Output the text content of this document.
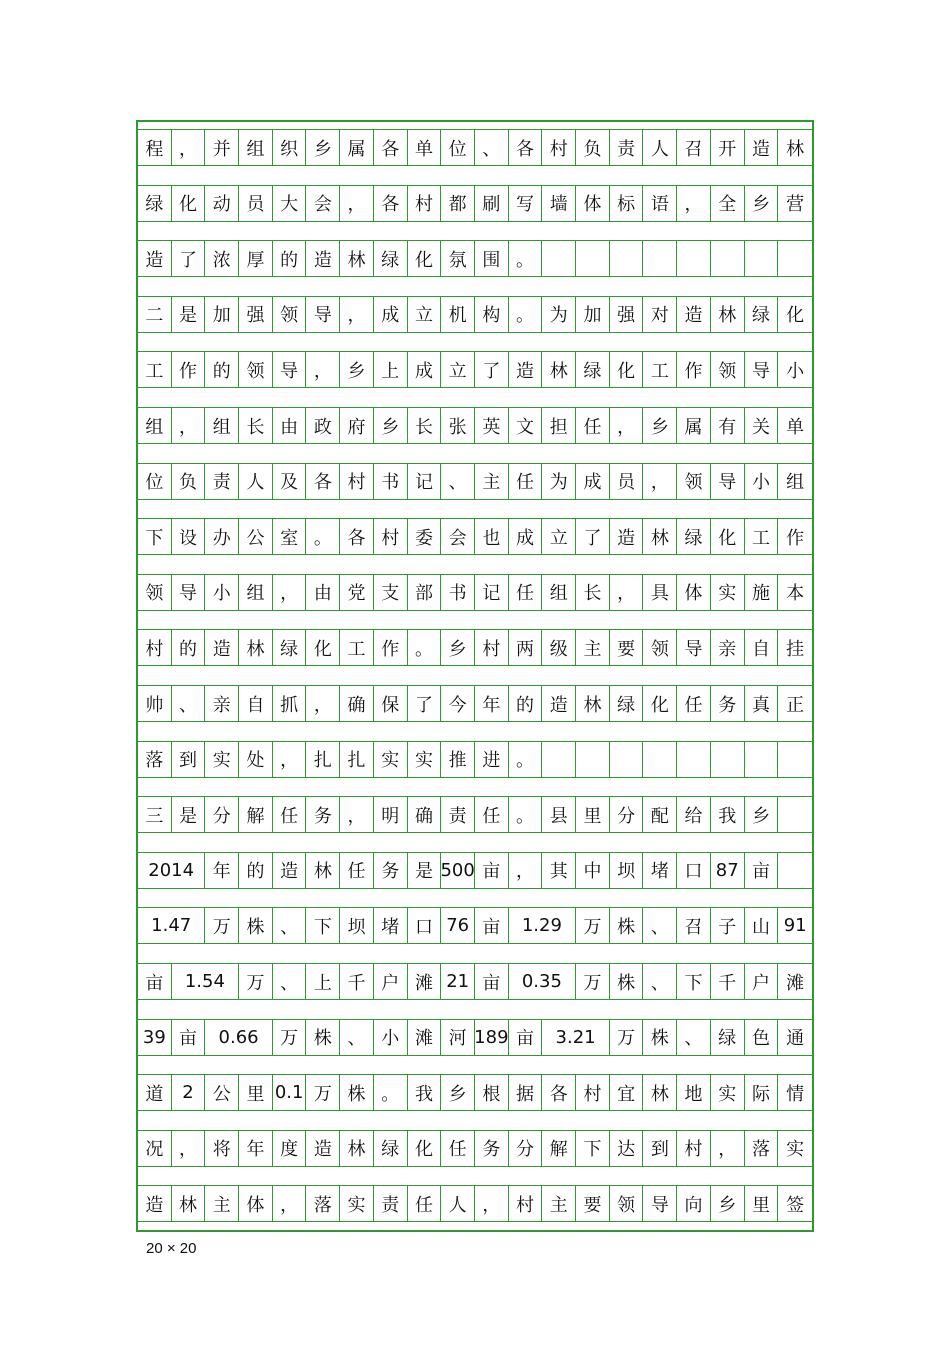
程 ， 并 组 织 乡 属 各 单 位 、 各 村 负 责 人 召 开 造 林
绿 化 动 员 大 会 ， 各 村 都 刷 写 墙 体 标 语 ， 全 乡 营
造 了 浓 厚 的 造 林 绿 化 氛 围 。
二 是 加 强 领 导 ， 成 立 机 构 。 为 加 强 对 造 林 绿 化
工 作 的 领 导 ， 乡 上 成 立 了 造 林 绿 化 工 作 领 导 小
组 ， 组 长 由 政 府 乡 长 张 英 文 担 任 ， 乡 属 有 关 单
位 负 责 人 及 各 村 书 记 、 主 任 为 成 员 ， 领 导 小 组
下 设 办 公 室 。 各 村 委 会 也 成 立 了 造 林 绿 化 工 作
领 导 小 组 ， 由 党 支 部 书 记 任 组 长 ， 具 体 实 施 本
村 的 造 林 绿 化 工 作 。 乡 村 两 级 主 要 领 导 亲 自 挂
帅 、 亲 自 抓 ， 确 保 了 今 年 的 造 林 绿 化 任 务 真 正
落 到 实 处 ， 扎 扎 实 实 推 进 。
三 是 分 解 任 务 ， 明 确 责 任 。 县 里 分 配 给 我 乡
2014	年 的 造 林 任 务 是 500 亩 ， 其 中 坝 堵 口 87 亩
1.47	万 株 、 下 坝 堵 口 76 亩	1.29	万 株 、 召 子 山 91
亩	1.54	万 、 上 千 户 滩 21 亩	0.35	万 株 、 下 千 户 滩
39 亩	0.66	万 株 、 小 滩 河 189 亩	3.21	万 株 、 绿 色 通
道	2	公 里 0.1 万 株 。 我 乡 根 据 各 村 宜 林 地 实 际 情
况 ， 将 年 度 造 林 绿 化 任 务 分 解 下 达 到 村 ， 落 实
造 林 主 体 ， 落 实 责 任 人 ， 村 主 要 领 导 向 乡 里 签
20 × 20
